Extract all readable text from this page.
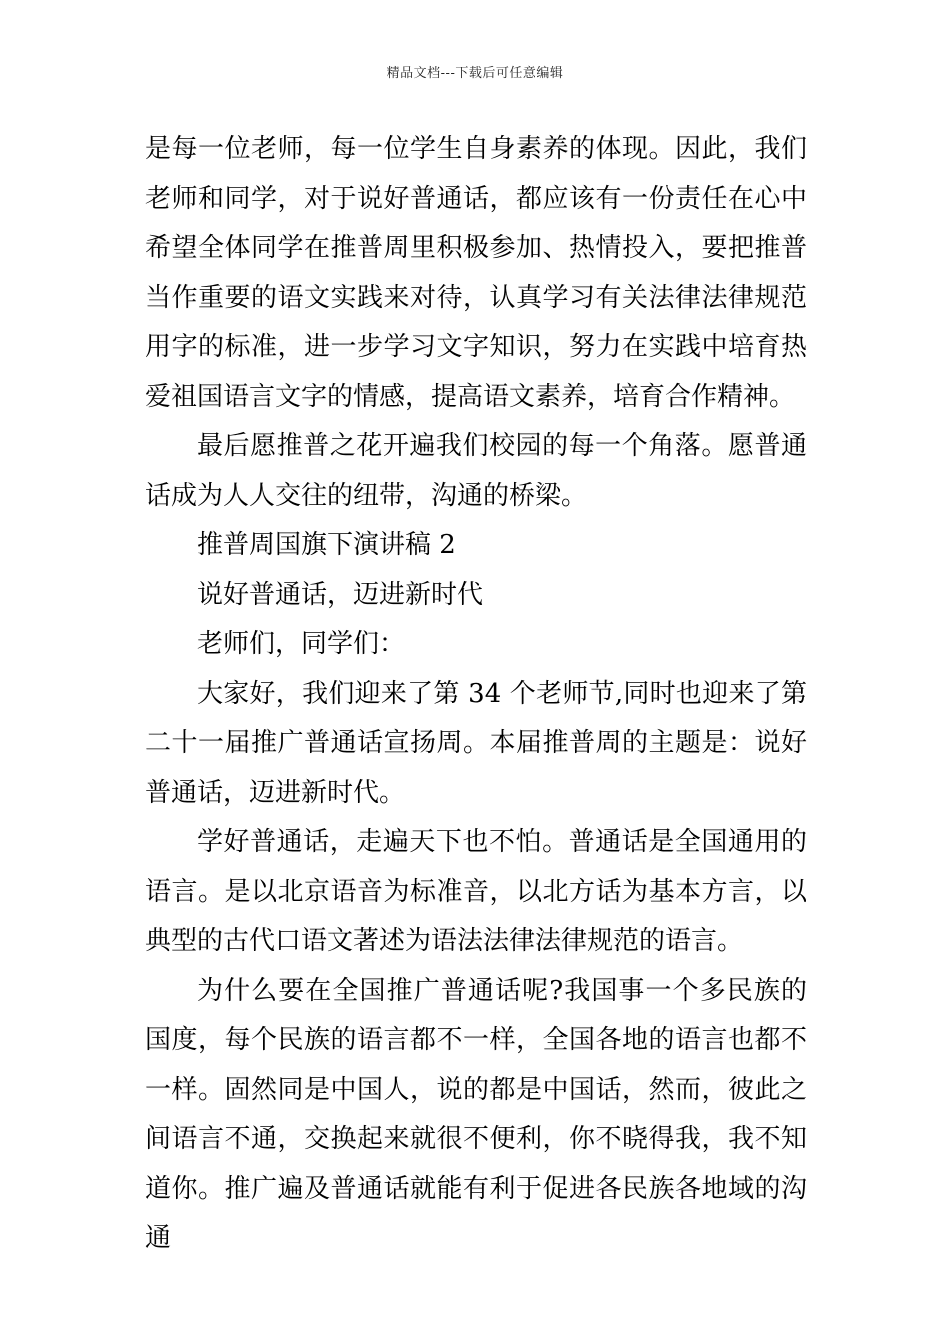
精品文档---下载后可任意编辑

是每一位老师，每一位学生自身素养的体现。因此，我们老师和同学，对于说好普通话，都应该有一份责任在心中希望全体同学在推普周里积极参加、热情投入，要把推普当作重要的语文实践来对待，认真学习有关法律法律规范用字的标准，进一步学习文字知识，努力在实践中培育热爱祖国语言文字的情感，提高语文素养，培育合作精神。

最后愿推普之花开遍我们校园的每一个角落。愿普通话成为人人交往的纽带，沟通的桥梁。

推普周国旗下演讲稿 2

说好普通话，迈进新时代

老师们，同学们：

大家好，我们迎来了第 34 个老师节,同时也迎来了第二十一届推广普通话宣扬周。本届推普周的主题是：说好普通话，迈进新时代。

学好普通话，走遍天下也不怕。普通话是全国通用的语言。是以北京语音为标准音，以北方话为基本方言，以典型的古代口语文著述为语法法律法律规范的语言。

为什么要在全国推广普通话呢?我国事一个多民族的国度，每个民族的语言都不一样，全国各地的语言也都不一样。固然同是中国人，说的都是中国话，然而，彼此之间语言不通，交换起来就很不便利，你不晓得我，我不知道你。推广遍及普通话就能有利于促进各民族各地域的沟通
